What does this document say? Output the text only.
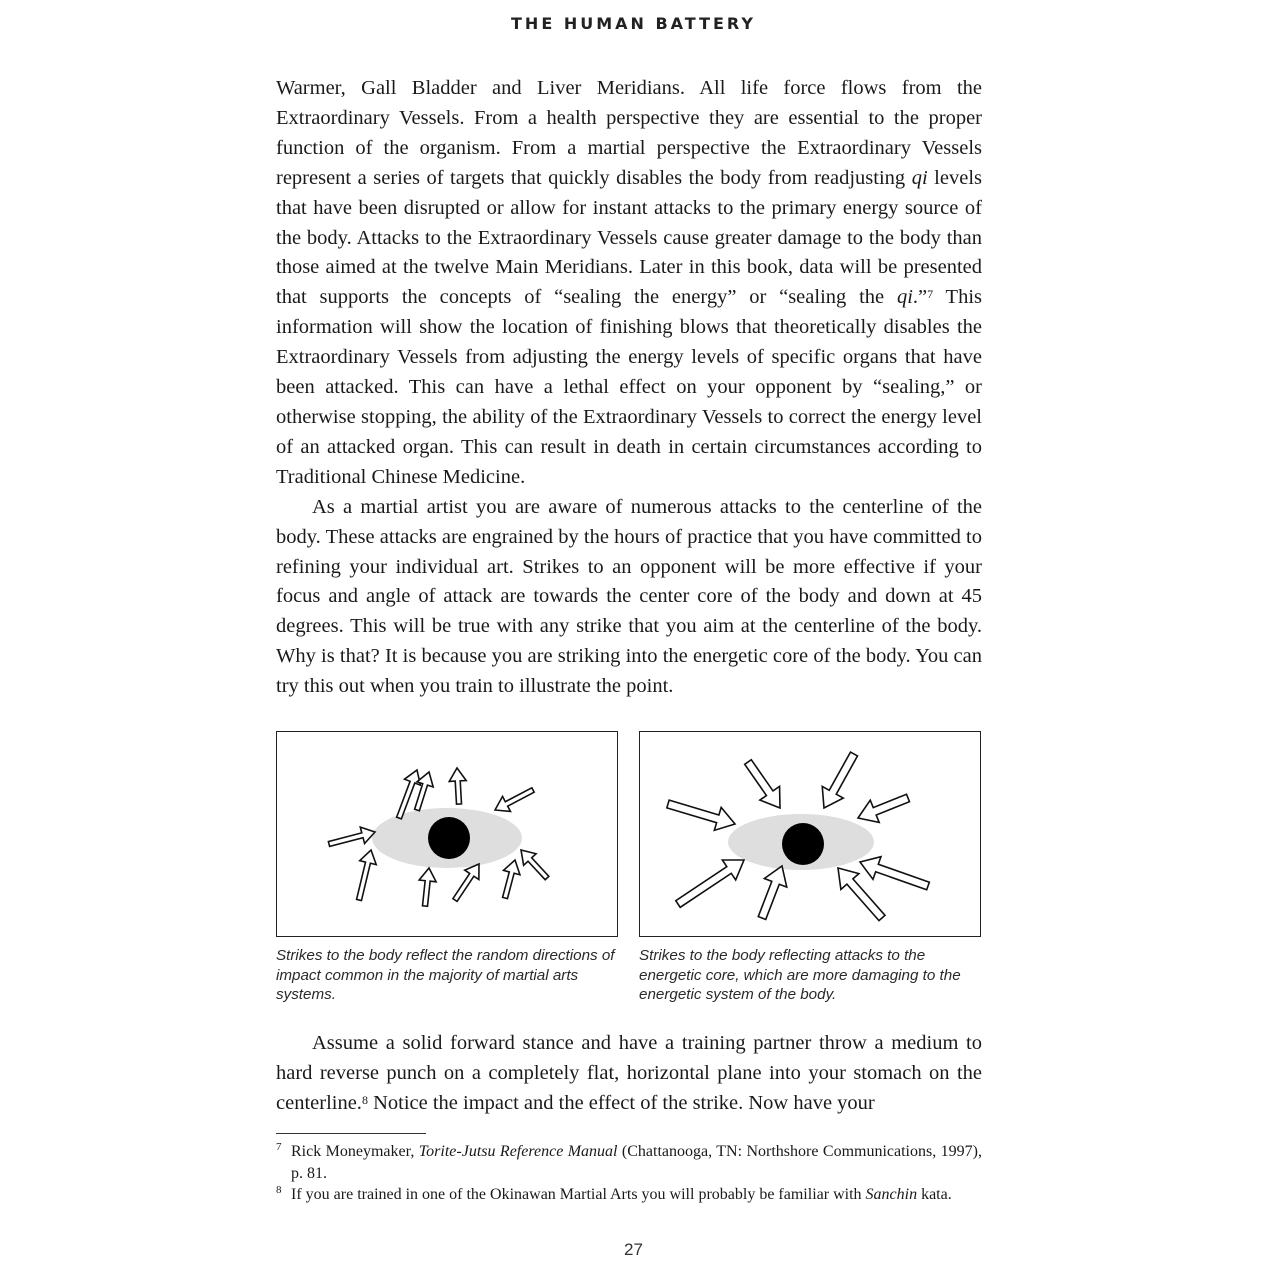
THE HUMAN BATTERY

Warmer, Gall Bladder and Liver Meridians. All life force flows from the Extraordinary Vessels. From a health perspective they are essential to the proper function of the organism. From a martial perspective the Extraordinary Vessels represent a series of targets that quickly disables the body from readjusting qi levels that have been disrupted or allow for instant attacks to the primary energy source of the body. Attacks to the Extraordinary Vessels cause greater damage to the body than those aimed at the twelve Main Meridians. Later in this book, data will be presented that supports the concepts of “sealing the energy” or “sealing the qi.”$^7$ This information will show the location of finishing blows that theoretically disables the Extraordinary Vessels from adjusting the energy levels of specific organs that have been attacked. This can have a lethal effect on your opponent by “sealing,” or otherwise stopping, the ability of the Extraordinary Vessels to correct the energy level of an attacked organ. This can result in death in certain circumstances according to Traditional Chinese Medicine.

As a martial artist you are aware of numerous attacks to the centerline of the body. These attacks are engrained by the hours of practice that you have committed to refining your individual art. Strikes to an opponent will be more effective if your focus and angle of attack are towards the center core of the body and down at 45 degrees. This will be true with any strike that you aim at the centerline of the body. Why is that? It is because you are striking into the energetic core of the body. You can try this out when you train to illustrate the point.

Strikes to the body reflect the random directions of impact common in the majority of martial arts systems.
Strikes to the body reflecting attacks to the energetic core, which are more damaging to the energetic system of the body.

Assume a solid forward stance and have a training partner throw a medium to hard reverse punch on a completely flat, horizontal plane into your stomach on the centerline.$^8$ Notice the impact and the effect of the strike. Now have your

7 Rick Moneymaker, Torite-Jutsu Reference Manual (Chattanooga, TN: Northshore Communications, 1997), p. 81.
8 If you are trained in one of the Okinawan Martial Arts you will probably be familiar with Sanchin kata.
27
